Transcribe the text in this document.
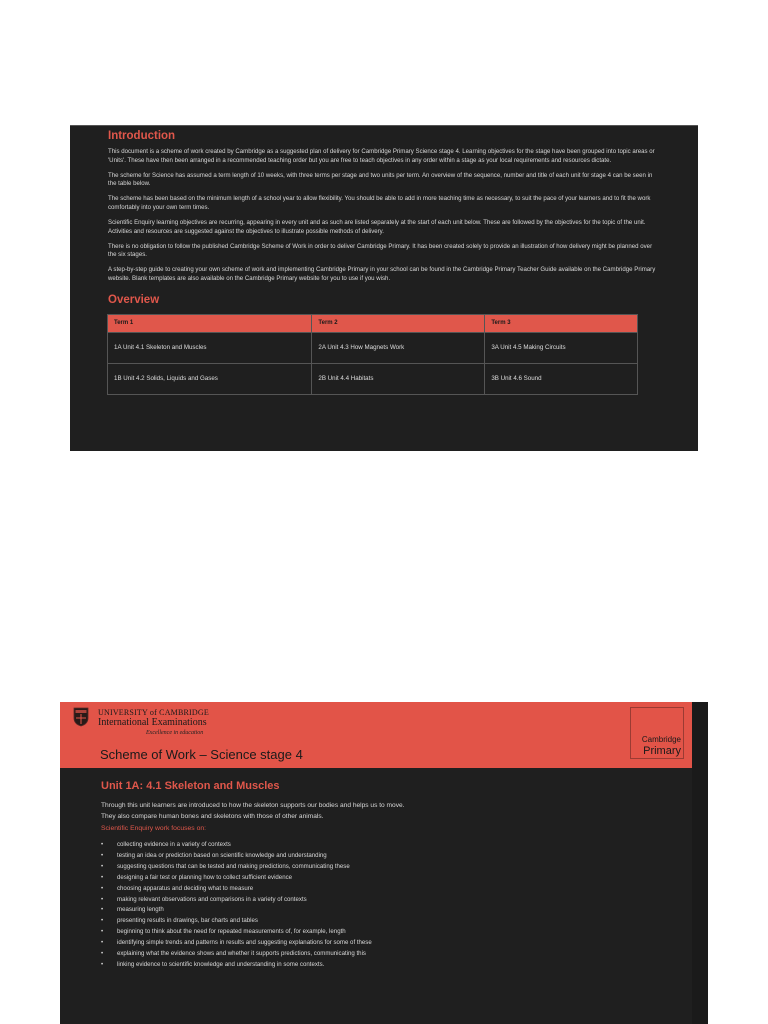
Introduction

This document is a scheme of work created by Cambridge as a suggested plan of delivery for Cambridge Primary Science stage 4. Learning objectives for the stage have been grouped into topic areas or 'Units'. These have then been arranged in a recommended teaching order but you are free to teach objectives in any order within a stage as your local requirements and resources dictate.

The scheme for Science has assumed a term length of 10 weeks, with three terms per stage and two units per term. An overview of the sequence, number and title of each unit for stage 4 can be seen in the table below.

The scheme has been based on the minimum length of a school year to allow flexibility. You should be able to add in more teaching time as necessary, to suit the pace of your learners and to fit the work comfortably into your own term times.

Scientific Enquiry learning objectives are recurring, appearing in every unit and as such are listed separately at the start of each unit below. These are followed by the objectives for the topic of the unit. Activities and resources are suggested against the objectives to illustrate possible methods of delivery.

There is no obligation to follow the published Cambridge Scheme of Work in order to deliver Cambridge Primary. It has been created solely to provide an illustration of how delivery might be planned over the six stages.

A step-by-step guide to creating your own scheme of work and implementing Cambridge Primary in your school can be found in the Cambridge Primary Teacher Guide available on the Cambridge Primary website. Blank templates are also available on the Cambridge Primary website for you to use if you wish.

Overview
Term 1	Term 2	Term 3
1A Unit 4.1 Skeleton and Muscles	2A Unit 4.3 How Magnets Work	3A Unit 4.5 Making Circuits
1B Unit 4.2 Solids, Liquids and Gases	2B Unit 4.4 Habitats	3B Unit 4.6 Sound
UNIVERSITY of CAMBRIDGE
International Examinations
Excellence in education
Scheme of Work – Science stage 4
Cambridge
Primary
Unit 1A: 4.1 Skeleton and Muscles

Through this unit learners are introduced to how the skeleton supports our bodies and helps us to move.

They also compare human bones and skeletons with those of other animals.

Scientific Enquiry work focuses on:
• collecting evidence in a variety of contexts
• testing an idea or prediction based on scientific knowledge and understanding
• suggesting questions that can be tested and making predictions, communicating these
• designing a fair test or planning how to collect sufficient evidence
• choosing apparatus and deciding what to measure
• making relevant observations and comparisons in a variety of contexts
• measuring length
• presenting results in drawings, bar charts and tables
• beginning to think about the need for repeated measurements of, for example, length
• identifying simple trends and patterns in results and suggesting explanations for some of these
• explaining what the evidence shows and whether it supports predictions, communicating this
• linking evidence to scientific knowledge and understanding in some contexts.
